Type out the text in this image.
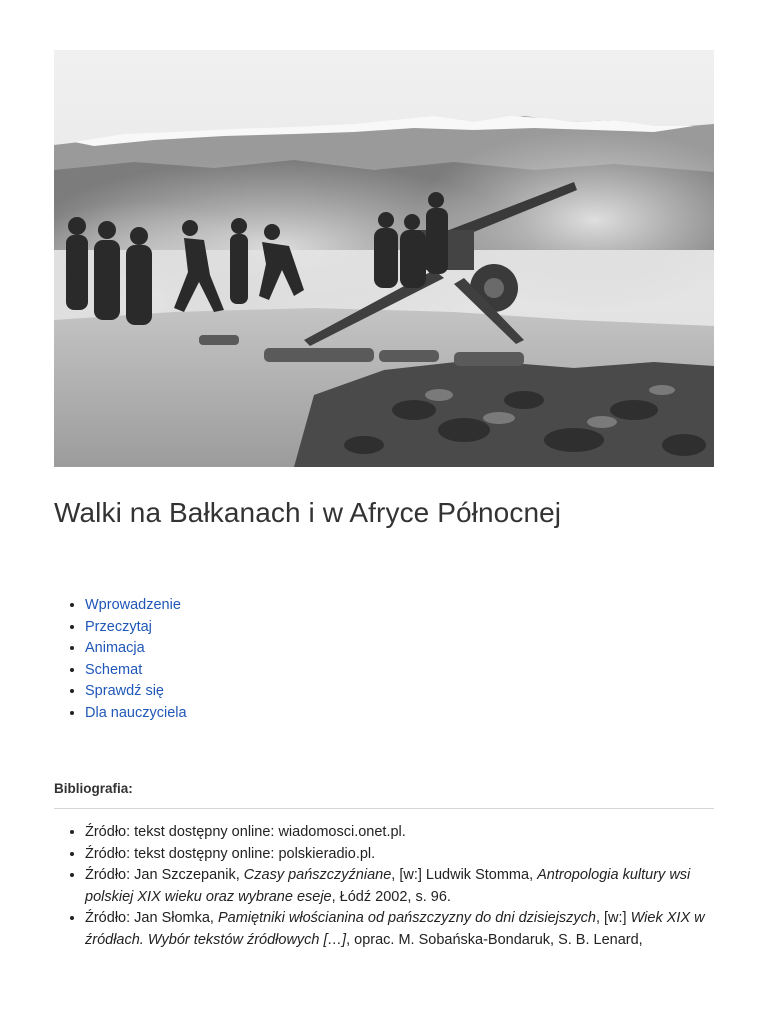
Walki na Bałkanach i w Afryce Północnej
• Wprowadzenie
• Przeczytaj
• Animacja
• Schemat
• Sprawdź się
• Dla nauczyciela
Bibliografia:
• Źródło: tekst dostępny online: wiadomosci.onet.pl.
• Źródło: tekst dostępny online: polskieradio.pl.
• Źródło: Jan Szczepanik, Czasy pańszczyźniane, [w:] Ludwik Stomma, Antropologia kultury wsi polskiej XIX wieku oraz wybrane eseje, Łódź 2002, s. 96.
• Źródło: Jan Słomka, Pamiętniki włościanina od pańszczyzny do dni dzisiejszych, [w:] Wiek XIX w źródłach. Wybór tekstów źródłowych […], oprac. M. Sobańska-Bondaruk, S. B. Lenard,
